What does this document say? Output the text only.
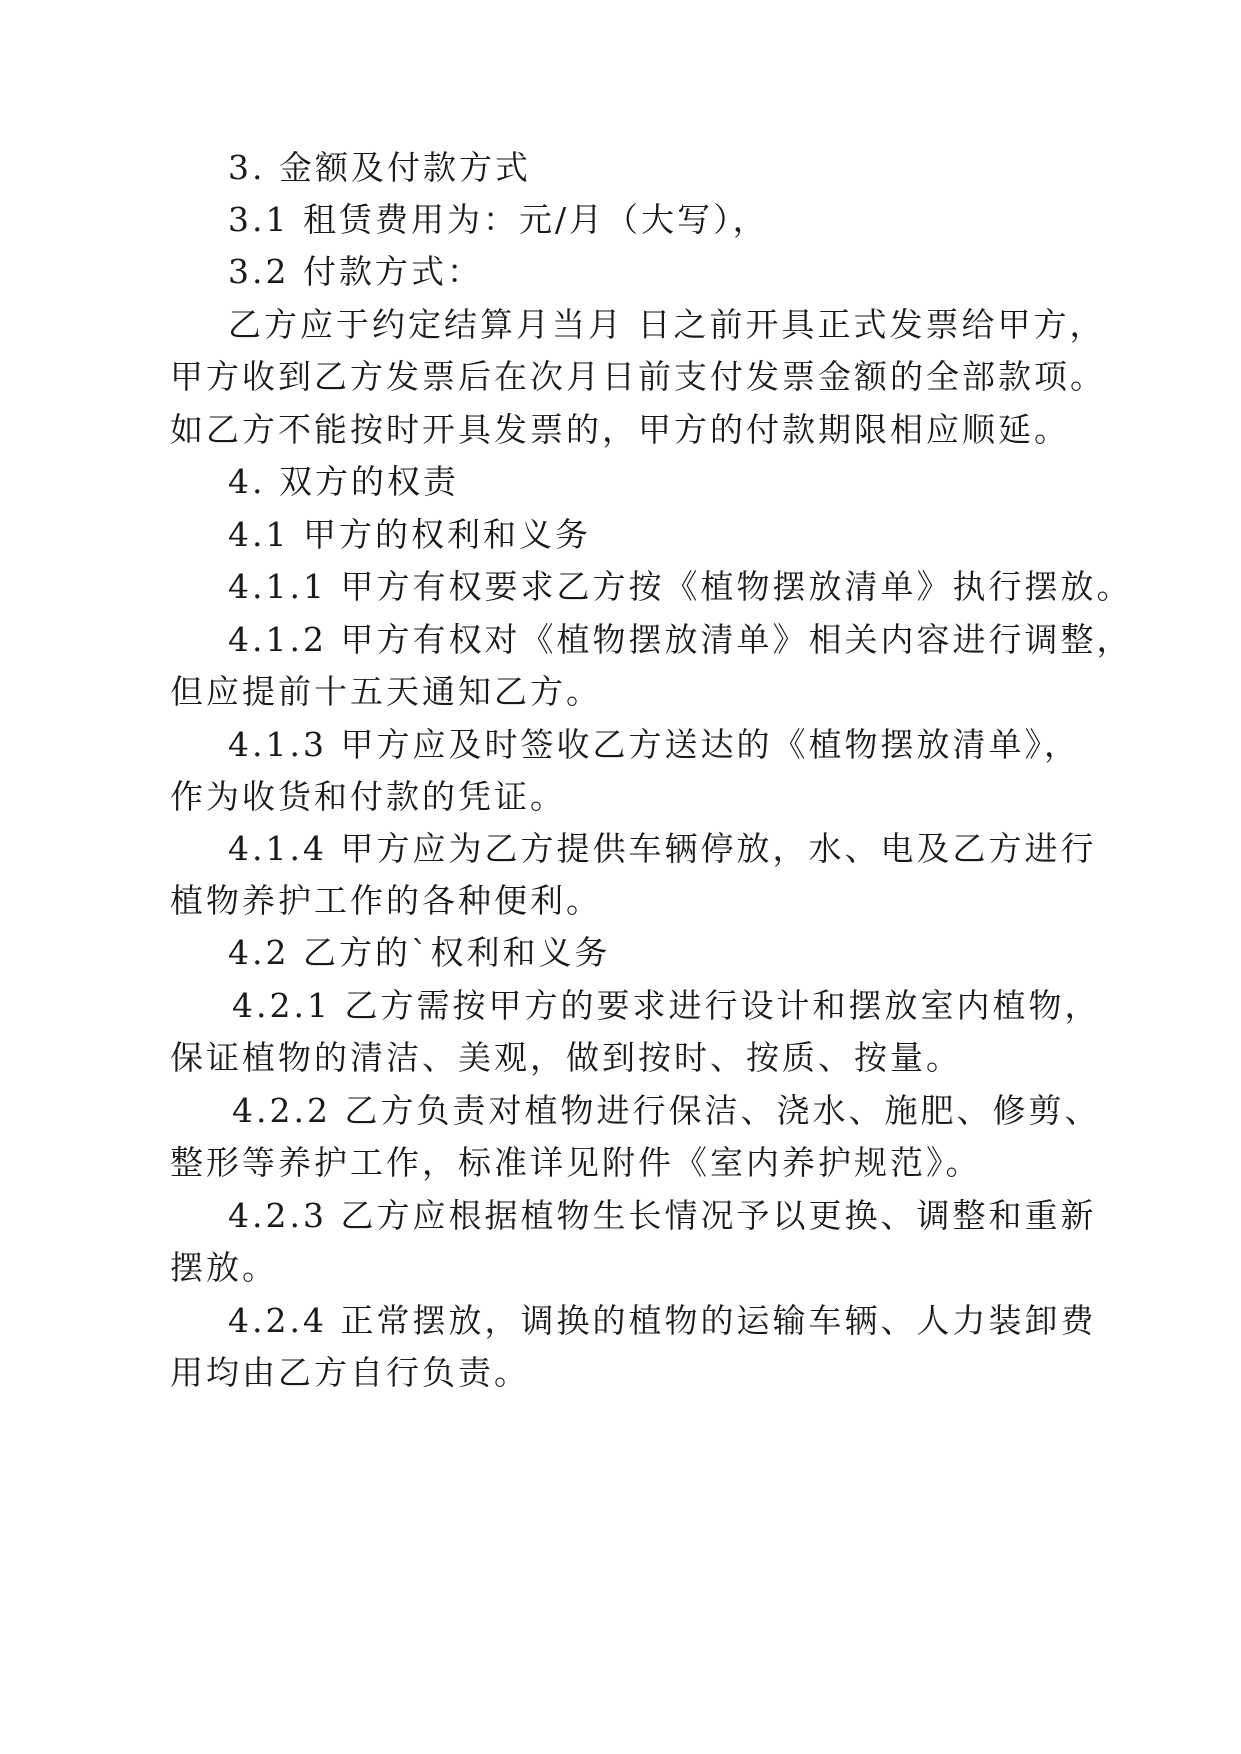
3. 金额及付款方式
3.1 租赁费用为：元/月（大写），
3.2 付款方式：
乙方应于约定结算月当月 日之前开具正式发票给甲方，
甲方收到乙方发票后在次月日前支付发票金额的全部款项。
如乙方不能按时开具发票的，甲方的付款期限相应顺延。
4. 双方的权责
4.1 甲方的权利和义务
4.1.1 甲方有权要求乙方按《植物摆放清单》执行摆放。
4.1.2 甲方有权对《植物摆放清单》相关内容进行调整，
但应提前十五天通知乙方。
4.1.3 甲方应及时签收乙方送达的《植物摆放清单》，
作为收货和付款的凭证。
4.1.4 甲方应为乙方提供车辆停放，水、电及乙方进行
植物养护工作的各种便利。
4.2 乙方的`权利和义务
4.2.1 乙方需按甲方的要求进行设计和摆放室内植物，
保证植物的清洁、美观，做到按时、按质、按量。
4.2.2 乙方负责对植物进行保洁、浇水、施肥、修剪、
整形等养护工作，标准详见附件《室内养护规范》。
4.2.3 乙方应根据植物生长情况予以更换、调整和重新
摆放。
4.2.4 正常摆放，调换的植物的运输车辆、人力装卸费
用均由乙方自行负责。
